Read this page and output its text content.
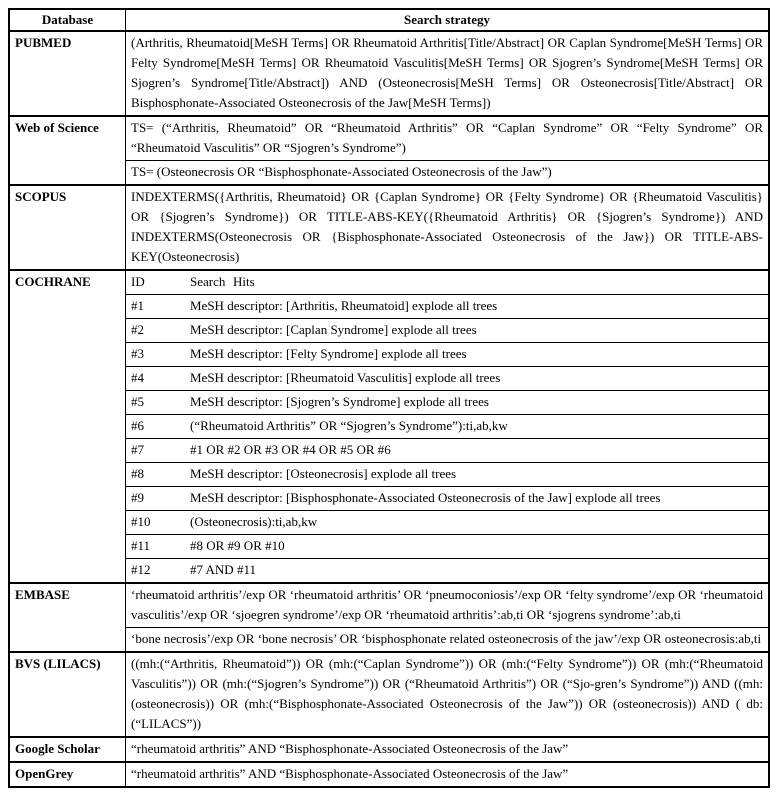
Database	Search strategy
PUBMED	(Arthritis, Rheumatoid[MeSH Terms] OR Rheumatoid Arthritis[Title/Abstract] OR Caplan Syndrome[MeSH Terms] OR Felty Syndrome[MeSH Terms] OR Rheumatoid Vasculitis[MeSH Terms] OR Sjogren’s Syndrome[MeSH Terms] OR Sjogren’s Syndrome[Title/Abstract]) AND (Osteonecrosis[MeSH Terms] OR Osteonecrosis[Title/Abstract] OR Bisphosphonate-Associated Osteonecrosis of the Jaw[MeSH Terms])
Web of Science	TS= (“Arthritis, Rheumatoid” OR “Rheumatoid Arthritis” OR “Caplan Syndrome” OR “Felty Syndrome” OR “Rheumatoid Vasculitis” OR “Sjogren’s Syndrome”)
	TS= (Osteonecrosis OR “Bisphosphonate-Associated Osteonecrosis of the Jaw”)
SCOPUS	INDEXTERMS({Arthritis, Rheumatoid} OR {Caplan Syndrome} OR {Felty Syndrome} OR {Rheumatoid Vasculitis} OR {Sjogren’s Syndrome}) OR TITLE-ABS-KEY({Rheumatoid Arthritis} OR {Sjogren’s Syndrome}) AND INDEXTERMS(Osteonecrosis OR {Bisphosphonate-Associated Osteonecrosis of the Jaw}) OR TITLE-ABS-KEY(Osteonecrosis)
COCHRANE	ID Search Hits
	#1 MeSH descriptor: [Arthritis, Rheumatoid] explode all trees
	#2 MeSH descriptor: [Caplan Syndrome] explode all trees
	#3 MeSH descriptor: [Felty Syndrome] explode all trees
	#4 MeSH descriptor: [Rheumatoid Vasculitis] explode all trees
	#5 MeSH descriptor: [Sjogren’s Syndrome] explode all trees
	#6 (“Rheumatoid Arthritis” OR “Sjogren’s Syndrome”):ti,ab,kw
	#7 #1 OR #2 OR #3 OR #4 OR #5 OR #6
	#8 MeSH descriptor: [Osteonecrosis] explode all trees
	#9 MeSH descriptor: [Bisphosphonate-Associated Osteonecrosis of the Jaw] explode all trees
	#10 (Osteonecrosis):ti,ab,kw
	#11 #8 OR #9 OR #10
	#12 #7 AND #11
EMBASE	‘rheumatoid arthritis’/exp OR ‘rheumatoid arthritis’ OR ‘pneumoconiosis’/exp OR ‘felty syndrome’/exp OR ‘rheumatoid vasculitis’/exp OR ‘sjoegren syndrome’/exp OR ‘rheumatoid arthritis’:ab,ti OR ‘sjogrens syndrome’:ab,ti
	‘bone necrosis’/exp OR ‘bone necrosis’ OR ‘bisphosphonate related osteonecrosis of the jaw’/exp OR osteonecrosis:ab,ti
BVS (LILACS)	((mh:(“Arthritis, Rheumatoid”)) OR (mh:(“Caplan Syndrome”)) OR (mh:(“Felty Syndrome”)) OR (mh:(“Rheumatoid Vasculitis”)) OR (mh:(“Sjogren’s Syndrome”)) OR (“Rheumatoid Arthritis”) OR (“Sjo-gren’s Syndrome”)) AND ((mh:(osteonecrosis)) OR (mh:(“Bisphosphonate-Associated Osteonecrosis of the Jaw”)) OR (osteonecrosis)) AND ( db:(“LILACS”))
Google Scholar	“rheumatoid arthritis” AND “Bisphosphonate-Associated Osteonecrosis of the Jaw”
OpenGrey	“rheumatoid arthritis” AND “Bisphosphonate-Associated Osteonecrosis of the Jaw”
